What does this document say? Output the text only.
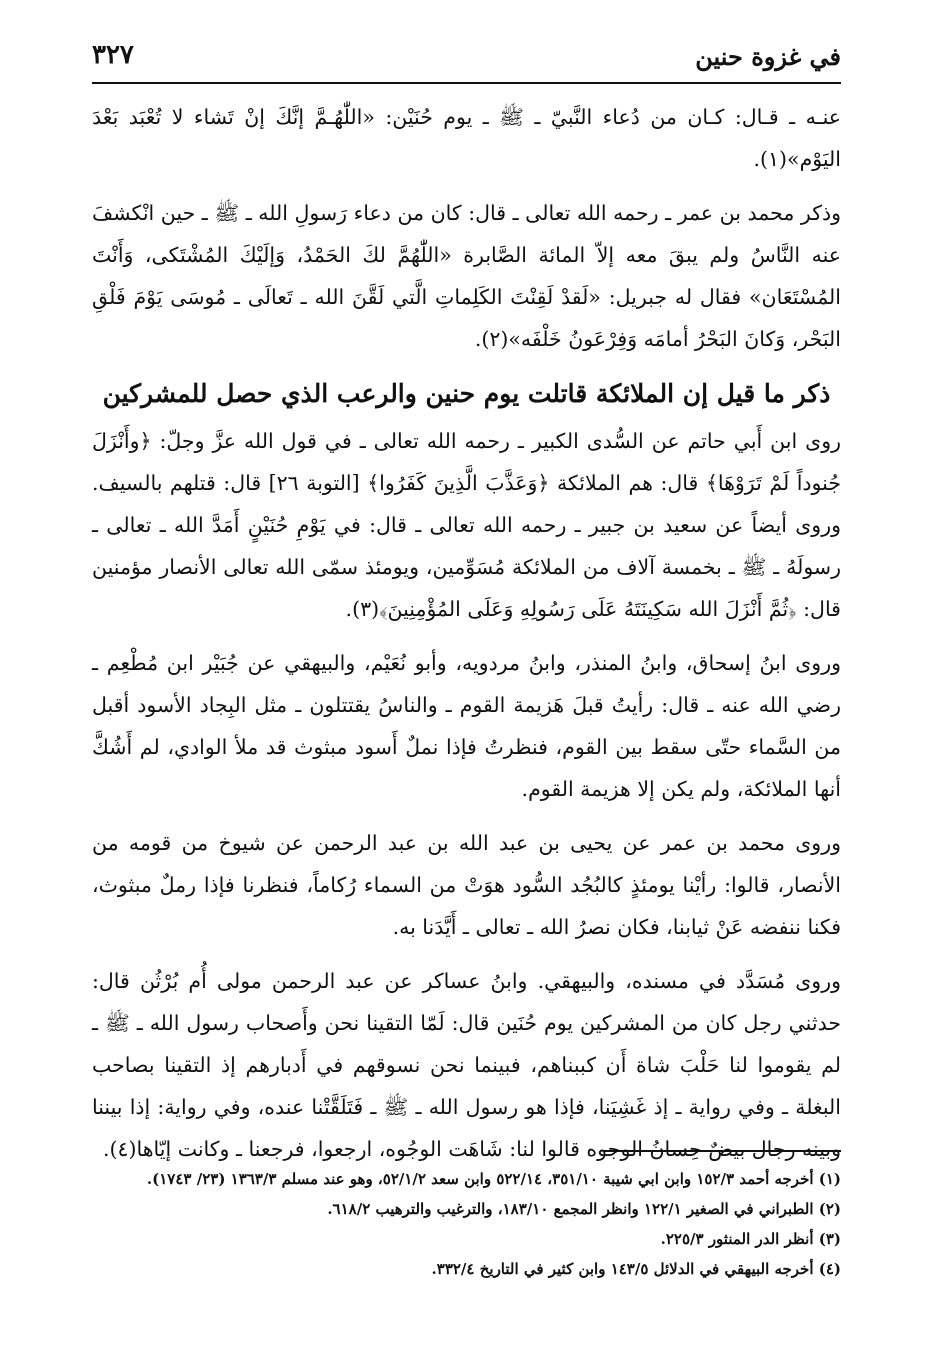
في غزوة حنين
٣٢٧

عنـه ـ قـال: كـان من دُعاء النَّبيّ ـ ﷺ ـ يوم حُنَيْن: «اللّٰهُـمَّ إنَّكَ إنْ تَشاء لا تُعْبَد بَعْدَ اليَوْم»(١).

وذكر محمد بن عمر ـ رحمه الله تعالى ـ قال: كان من دعاء رَسولِ الله ـ ﷺ ـ حين انْكشفَ عنه النَّاسُ ولم يبقَ معه إلاّ المائة الصَّابرة «اللّٰهُمَّ لكَ الحَمْدُ، وَإلَيْكَ المُشْتَكى، وَأَنْتَ المُسْتَعَان» فقال له جبريل: «لَقدْ لَقِنْتَ الكَلِماتِ الَّتي لَقَّنَ الله ـ تَعالَى ـ مُوسَى يَوْمَ فَلْقِ البَحْر، وَكانَ البَحْرُ أمامَه وَفِرْعَونُ خَلْفَه»(٢).

ذكر ما قيل إن الملائكة قاتلت يوم حنين والرعب الذي حصل للمشركين

روى ابن أَبي حاتم عن السُّدى الكبير ـ رحمه الله تعالى ـ في قول الله عزَّ وجلّ: ﴿وأَنْزَلَ جُنوداً لَمْ تَرَوْهَا﴾ قال: هم الملائكة ﴿وَعَذَّبَ الَّذِينَ كَفَرُوا﴾ [التوبة ٢٦] قال: قتلهم بالسيف. وروى أيضاً عن سعيد بن جبير ـ رحمه الله تعالى ـ قال: في يَوْمِ حُنَيْنٍ أَمَدَّ الله ـ تعالى ـ رسولَهُ ـ ﷺ ـ بخمسة آلاف من الملائكة مُسَوِّمين، ويومئذ سمّى الله تعالى الأنصار مؤمنين قال: ﴿ثُمَّ أَنْزَلَ الله سَكِينَتَهُ عَلَى رَسُولِهِ وَعَلَى المُؤْمِنِينَ﴾(٣).

وروى ابنُ إسحاق، وابنُ المنذر، وابنُ مردويه، وأبو نُعَيْم، والبيهقي عن جُبَيْر ابن مُطْعِم ـ رضي الله عنه ـ قال: رأيتُ قبلَ هَزيمة القوم ـ والناسُ يقتتلون ـ مثل البِجاد الأسود أقبل من السَّماء حتّى سقط بين القوم، فنظرتُ فإذا نملٌ أَسود مبثوث قد ملأ الوادي، لم أَشُكَّ أنها الملائكة، ولم يكن إلا هزيمة القوم.

وروى محمد بن عمر عن يحيى بن عبد الله بن عبد الرحمن عن شيوخ من قومه من الأنصار، قالوا: رأيْنا يومئذٍ كالبُجُد السُّود هوَتْ من السماء رُكاماً، فنظرنا فإذا رملٌ مبثوث، فكنا ننفضه عَنْ ثيابنا، فكان نصرُ الله ـ تعالى ـ أَيَّدَنا به.

وروى مُسَدَّد في مسنده، والبيهقي. وابنُ عساكر عن عبد الرحمن مولى أُم بُرْثُن قال: حدثني رجل كان من المشركين يوم حُنَين قال: لَمّا التقينا نحن وأَصحاب رسول الله ـ ﷺ ـ لم يقوموا لنا حَلْبَ شاة أَن كببناهم، فبينما نحن نسوقهم في أَدبارهم إذ التقينا بصاحب البغلة ـ وفي رواية ـ إذ غَشِيَنا، فإذا هو رسول الله ـ ﷺ ـ فَتَلَقَّتْنا عنده، وفي رواية: إذا بيننا وبينه رجال بيضٌ حِسانُ الوجوه قالوا لنا: شَاهَت الوجُوه، ارجعوا، فرجعنا ـ وكانت إيّاها(٤).

(١) أخرجه أحمد ١٥٢/٣ وابن ابي شيبة ٣٥١/١٠، ٥٢٢/١٤ وابن سعد ٥٢/١/٢، وهو عند مسلم ١٣٦٣/٣ (٢٣/ ١٧٤٣).

(٢) الطبراني في الصغير ١٢٢/١ وانظر المجمع ١٨٣/١٠، والترغيب والترهيب ٦١٨/٢.

(٣) أنظر الدر المنثور ٢٢٥/٣.

(٤) أخرجه البيهقي في الدلائل ١٤٣/٥ وابن كثير في التاريخ ٣٣٢/٤.
